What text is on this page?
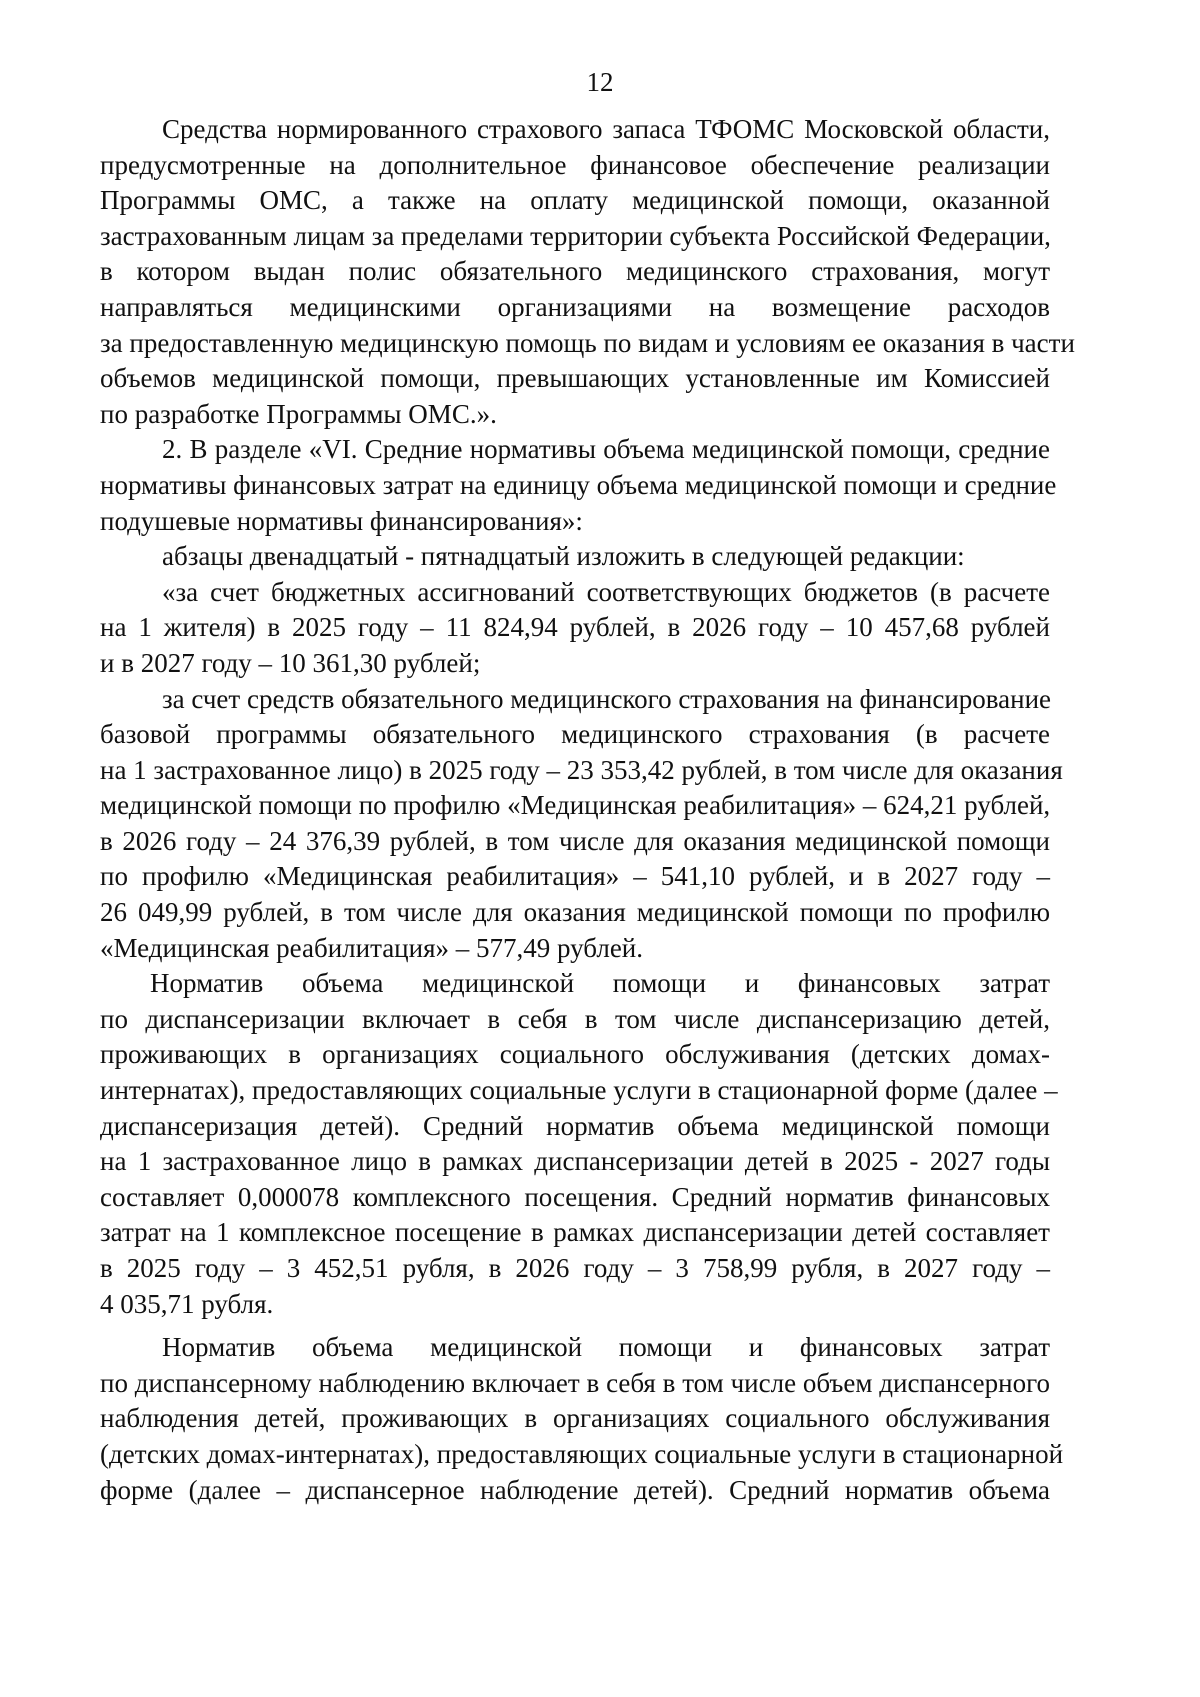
12
Средства нормированного страхового запаса ТФОМС Московской области,
предусмотренные на дополнительное финансовое обеспечение реализации
Программы ОМС, а также на оплату медицинской помощи, оказанной
застрахованным лицам за пределами территории субъекта Российской Федерации,
в котором выдан полис обязательного медицинского страхования, могут
направляться медицинскими организациями на возмещение расходов
за предоставленную медицинскую помощь по видам и условиям ее оказания в части
объемов медицинской помощи, превышающих установленные им Комиссией
по разработке Программы ОМС.».
2. В разделе «VI. Средние нормативы объема медицинской помощи, средние
нормативы финансовых затрат на единицу объема медицинской помощи и средние
подушевые нормативы финансирования»:
абзацы двенадцатый - пятнадцатый изложить в следующей редакции:
«за счет бюджетных ассигнований соответствующих бюджетов (в расчете
на 1 жителя) в 2025 году – 11 824,94 рублей, в 2026 году – 10 457,68 рублей
и в 2027 году – 10 361,30 рублей;
за счет средств обязательного медицинского страхования на финансирование
базовой программы обязательного медицинского страхования (в расчете
на 1 застрахованное лицо) в 2025 году – 23 353,42 рублей, в том числе для оказания
медицинской помощи по профилю «Медицинская реабилитация» – 624,21 рублей,
в 2026 году – 24 376,39 рублей, в том числе для оказания медицинской помощи
по профилю «Медицинская реабилитация» – 541,10 рублей, и в 2027 году –
26 049,99 рублей, в том числе для оказания медицинской помощи по профилю
«Медицинская реабилитация» – 577,49 рублей.
Норматив объема медицинской помощи и финансовых затрат
по диспансеризации включает в себя в том числе диспансеризацию детей,
проживающих в организациях социального обслуживания (детских домах-
интернатах), предоставляющих социальные услуги в стационарной форме (далее –
диспансеризация детей). Средний норматив объема медицинской помощи
на 1 застрахованное лицо в рамках диспансеризации детей в 2025 - 2027 годы
составляет 0,000078 комплексного посещения. Средний норматив финансовых
затрат на 1 комплексное посещение в рамках диспансеризации детей составляет
в 2025 году – 3 452,51 рубля, в 2026 году – 3 758,99 рубля, в 2027 году –
4 035,71 рубля.
Норматив объема медицинской помощи и финансовых затрат
по диспансерному наблюдению включает в себя в том числе объем диспансерного
наблюдения детей, проживающих в организациях социального обслуживания
(детских домах-интернатах), предоставляющих социальные услуги в стационарной
форме (далее – диспансерное наблюдение детей). Средний норматив объема
